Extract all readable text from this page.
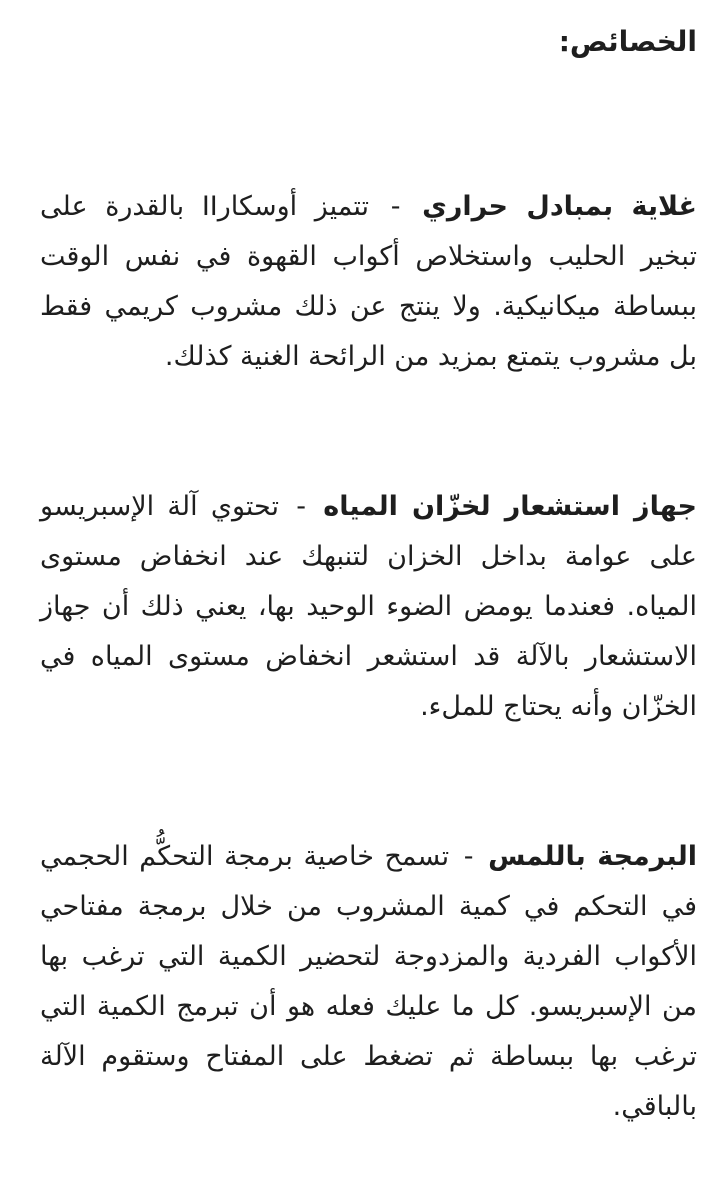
الخصائص:

غلاية بمبادل حراري - تتميز أوسكارII بالقدرة على تبخير الحليب واستخلاص أكواب القهوة في نفس الوقت ببساطة ميكانيكية. ولا ينتج عن ذلك مشروب كريمي فقط بل مشروب يتمتع بمزيد من الرائحة الغنية كذلك.

جهاز استشعار لخزّان المياه - تحتوي آلة الإسبريسو على عوامة بداخل الخزان لتنبهك عند انخفاض مستوى المياه. فعندما يومض الضوء الوحيد بها، يعني ذلك أن جهاز الاستشعار بالآلة قد استشعر انخفاض مستوى المياه في الخزّان وأنه يحتاج للملء.

البرمجة باللمس - تسمح خاصية برمجة التحكُّم الحجمي في التحكم في كمية المشروب من خلال برمجة مفتاحي الأكواب الفردية والمزدوجة لتحضير الكمية التي ترغب بها من الإسبريسو. كل ما عليك فعله هو أن تبرمج الكمية التي ترغب بها ببساطة ثم تضغط على المفتاح وستقوم الآلة بالباقي.
